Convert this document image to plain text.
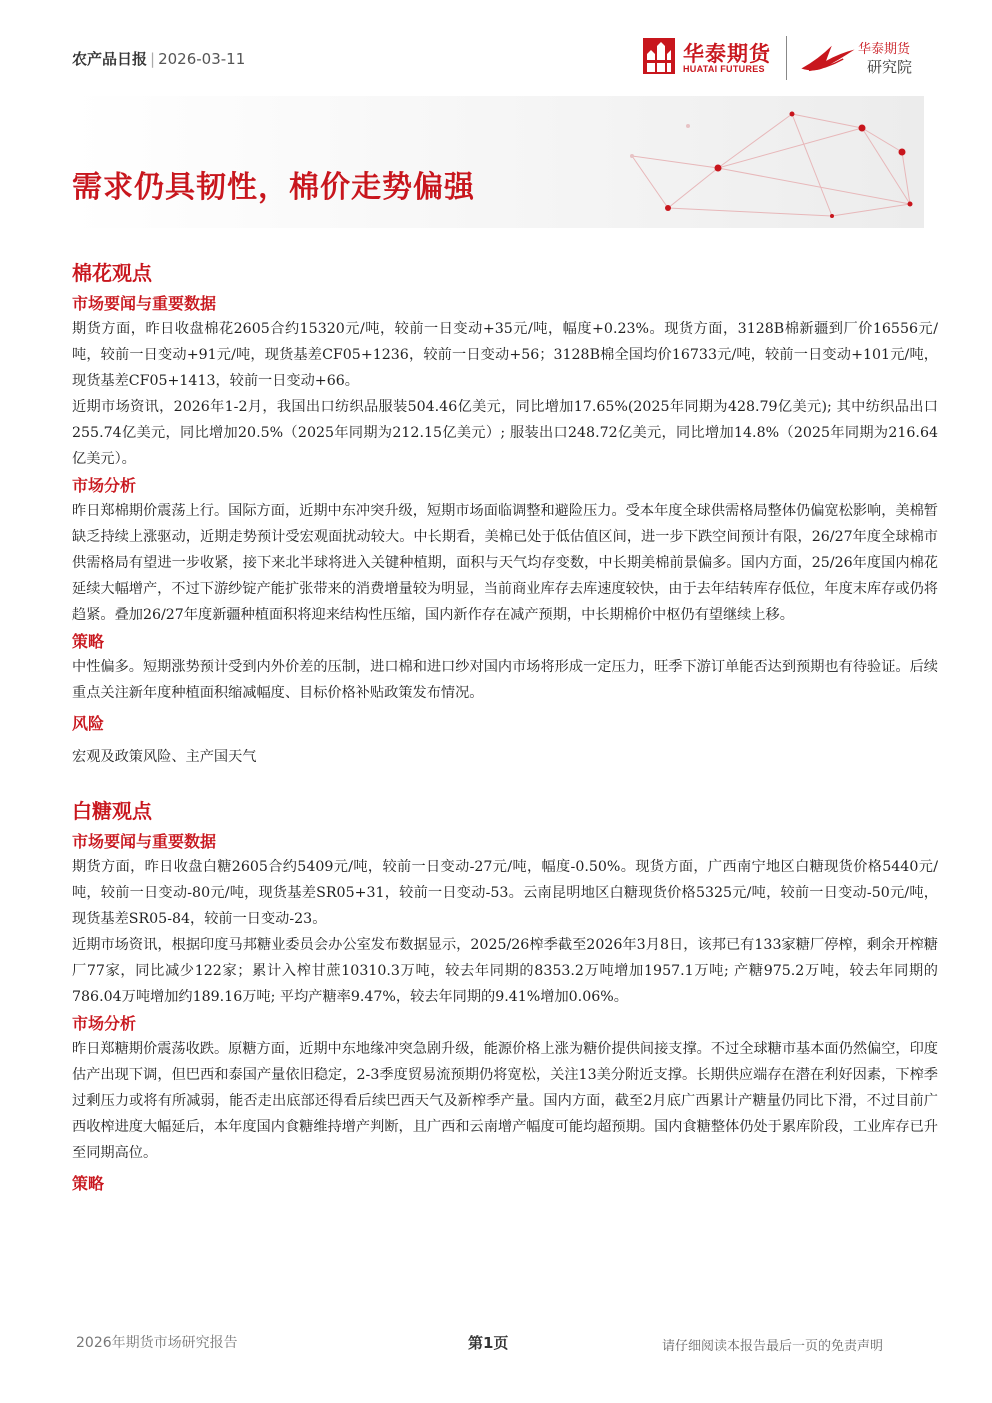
农产品日报 | 2026-03-11	华泰期货
HUATAI FUTURES
华泰期货
研究院
需求仍具韧性，棉价走势偏强
棉花观点
市场要闻与重要数据

期货方面，昨日收盘棉花2605合约15320元/吨，较前一日变动+35元/吨，幅度+0.23%。现货方面，3128B棉新疆到厂价16556元/吨，较前一日变动+91元/吨，现货基差CF05+1236，较前一日变动+56；3128B棉全国均价16733元/吨，较前一日变动+101元/吨，现货基差CF05+1413，较前一日变动+66。

近期市场资讯，2026年1-2月，我国出口纺织品服装504.46亿美元，同比增加17.65%(2025年同期为428.79亿美元); 其中纺织品出口255.74亿美元，同比增加20.5%（2025年同期为212.15亿美元）; 服装出口248.72亿美元，同比增加14.8%（2025年同期为216.64亿美元）。

市场分析

昨日郑棉期价震荡上行。国际方面，近期中东冲突升级，短期市场面临调整和避险压力。受本年度全球供需格局整体仍偏宽松影响，美棉暂缺乏持续上涨驱动，近期走势预计受宏观面扰动较大。中长期看，美棉已处于低估值区间，进一步下跌空间预计有限，26/27年度全球棉市供需格局有望进一步收紧，接下来北半球将进入关键种植期，面积与天气均存变数，中长期美棉前景偏多。国内方面，25/26年度国内棉花延续大幅增产，不过下游纱锭产能扩张带来的消费增量较为明显，当前商业库存去库速度较快，由于去年结转库存低位，年度末库存或仍将趋紧。叠加26/27年度新疆种植面积将迎来结构性压缩，国内新作存在减产预期，中长期棉价中枢仍有望继续上移。

策略

中性偏多。短期涨势预计受到内外价差的压制，进口棉和进口纱对国内市场将形成一定压力，旺季下游订单能否达到预期也有待验证。后续重点关注新年度种植面积缩减幅度、目标价格补贴政策发布情况。

风险

宏观及政策风险、主产国天气

白糖观点
市场要闻与重要数据

期货方面，昨日收盘白糖2605合约5409元/吨，较前一日变动-27元/吨，幅度-0.50%。现货方面，广西南宁地区白糖现货价格5440元/吨，较前一日变动-80元/吨，现货基差SR05+31，较前一日变动-53。云南昆明地区白糖现货价格5325元/吨，较前一日变动-50元/吨，现货基差SR05-84，较前一日变动-23。

近期市场资讯，根据印度马邦糖业委员会办公室发布数据显示，2025/26榨季截至2026年3月8日，该邦已有133家糖厂停榨，剩余开榨糖厂77家，同比减少122家；累计入榨甘蔗10310.3万吨，较去年同期的8353.2万吨增加1957.1万吨; 产糖975.2万吨，较去年同期的786.04万吨增加约189.16万吨; 平均产糖率9.47%，较去年同期的9.41%增加0.06%。

市场分析

昨日郑糖期价震荡收跌。原糖方面，近期中东地缘冲突急剧升级，能源价格上涨为糖价提供间接支撑。不过全球糖市基本面仍然偏空，印度估产出现下调，但巴西和泰国产量依旧稳定，2-3季度贸易流预期仍将宽松，关注13美分附近支撑。长期供应端存在潜在利好因素，下榨季过剩压力或将有所减弱，能否走出底部还得看后续巴西天气及新榨季产量。国内方面，截至2月底广西累计产糖量仍同比下滑，不过目前广西收榨进度大幅延后，本年度国内食糖维持增产判断，且广西和云南增产幅度可能均超预期。国内食糖整体仍处于累库阶段，工业库存已升至同期高位。

策略
2026年期货市场研究报告	第1页	请仔细阅读本报告最后一页的免责声明
